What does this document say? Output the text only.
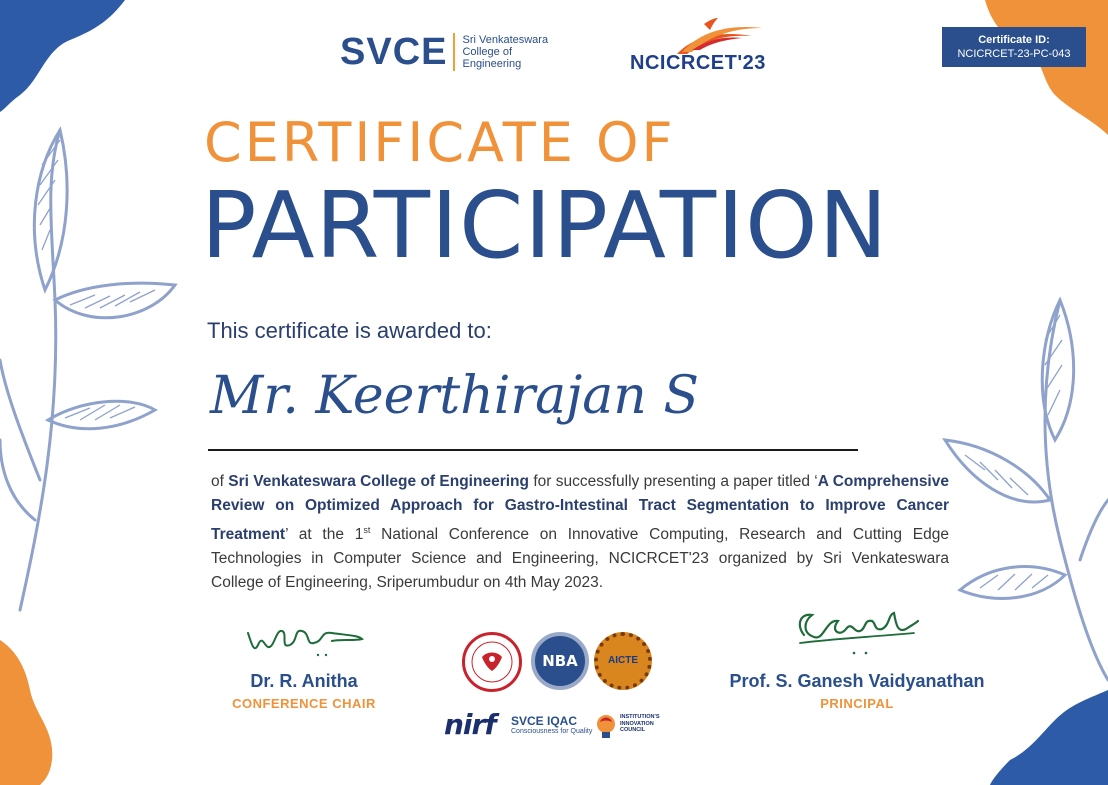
Certificate ID:
NCICRCET-23-PC-043
SVCE Sri Venkateswara
College of
Engineering	NCICRCET'23
CERTIFICATE OF
PARTICIPATION
This certificate is awarded to:
Mr. Keerthirajan S
of Sri Venkateswara College of Engineering for successfully presenting a paper titled ‘A Comprehensive Review on Optimized Approach for Gastro-Intestinal Tract Segmentation to Improve Cancer Treatment’ at the 1st National Conference on Innovative Computing, Research and Cutting Edge Technologies in Computer Science and Engineering, NCICRCET'23 organized by Sri Venkateswara College of Engineering, Sriperumbudur on 4th May 2023.
Dr. R. Anitha
CONFERENCE CHAIR
Prof. S. Ganesh Vaidyanathan
PRINCIPAL
NBA	AICTE
nirf SVCE IQAC
Consciousness for Quality
INSTITUTION'S
INNOVATION
COUNCIL
